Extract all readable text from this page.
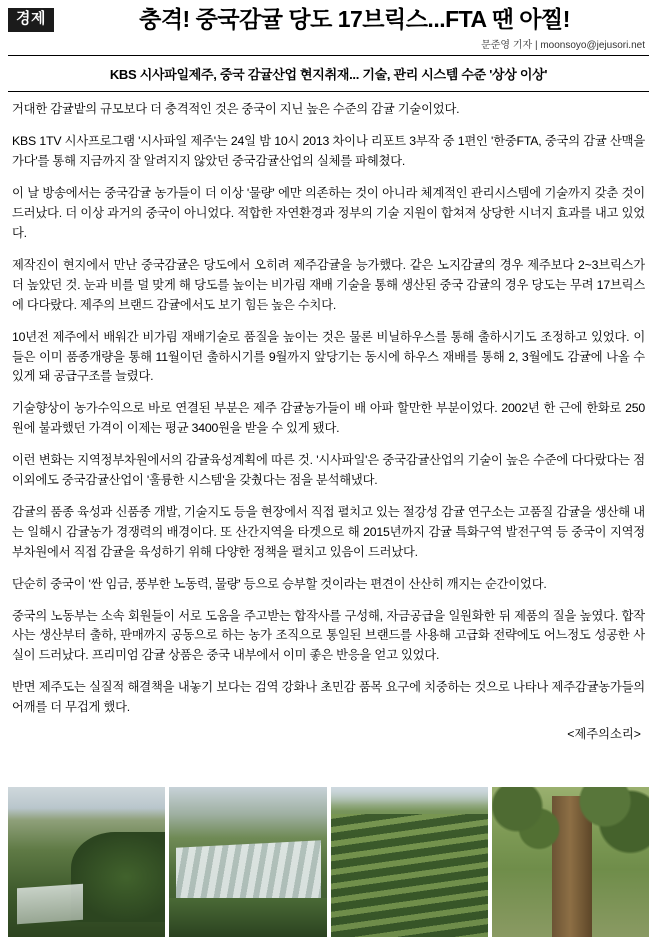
경제	충격! 중국감귤 당도 17브릭스...FTA 땐 아찔!
문준영 기자 | moonsoyo@jejusori.net
KBS 시사파일제주, 중국 감귤산업 현지취재... 기술, 관리 시스템 수준 '상상 이상'

거대한 감귤밭의 규모보다 더 충격적인 것은 중국이 지닌 높은 수준의 감귤 기술이었다.

KBS 1TV 시사프로그램 '시사파일 제주'는 24일 밤 10시 2013 차이나 리포트 3부작 중 1편인 '한중FTA, 중국의 감귤 산맥을 가다'를 통해 지금까지 잘 알려지지 않았던 중국감귤산업의 실체를 파헤쳤다.

이 날 방송에서는 중국감귤 농가들이 더 이상 '물량' 에만 의존하는 것이 아니라 체계적인 관리시스템에 기술까지 갖춘 것이 드러났다. 더 이상 과거의 중국이 아니었다. 적합한 자연환경과 정부의 기술 지원이 합쳐져 상당한 시너지 효과를 내고 있었다.

제작진이 현지에서 만난 중국감귤은 당도에서 오히려 제주감귤을 능가했다. 같은 노지감귤의 경우 제주보다 2~3브릭스가 더 높았던 것. 눈과 비를 덜 맞게 해 당도를 높이는 비가림 재배 기술을 통해 생산된 중국 감귤의 경우 당도는 무려 17브릭스에 다다랐다. 제주의 브랜드 감귤에서도 보기 힘든 높은 수치다.

10년전 제주에서 배워간 비가림 재배기술로 품질을 높이는 것은 물론 비닐하우스를 통해 출하시기도 조정하고 있었다. 이들은 이미 품종개량을 통해 11월이던 출하시기를 9월까지 앞당기는 동시에 하우스 재배를 통해 2, 3월에도 감귤에 나올 수 있게 돼 공급구조를 늘렸다.

기술향상이 농가수익으로 바로 연결된 부분은 제주 감귤농가들이 배 아파 할만한 부분이었다. 2002년 한 근에 한화로 250원에 불과했던 가격이 이제는 평균 3400원을 받을 수 있게 됐다.

이런 변화는 지역정부차원에서의 감귤육성계획에 따른 것. '시사파일'은 중국감귤산업의 기술이 높은 수준에 다다랐다는 점 이외에도 중국감귤산업이 '훌륭한 시스템'을 갖췄다는 점을 분석해냈다.

감귤의 품종 육성과 신품종 개발, 기술지도 등을 현장에서 직접 펼치고 있는 절강성 감귤 연구소는 고품질 감귤을 생산해 내는 일해시 감귤농가 경쟁력의 배경이다. 또 산간지역을 타겟으로 해 2015년까지 감귤 특화구역 발전구역 등 중국이 지역정부차원에서 직접 감귤을 육성하기 위해 다양한 정책을 펼치고 있음이 드러났다.

단순히 중국이 '싼 임금, 풍부한 노동력, 물량' 등으로 승부할 것이라는 편견이 산산히 깨지는 순간이었다.

중국의 노동부는 소속 회원들이 서로 도움을 주고받는 합작사를 구성해, 자금공급을 일원화한 뒤 제품의 질을 높였다. 합작사는 생산부터 출하, 판매까지 공동으로 하는 농가 조직으로 통일된 브랜드를 사용해 고급화 전략에도 어느정도 성공한 사실이 드러났다. 프리미엄 감귤 상품은 중국 내부에서 이미 좋은 반응을 얻고 있었다.

반면 제주도는 실질적 해결책을 내놓기 보다는 검역 강화나 초민감 품목 요구에 치중하는 것으로 나타나 제주감귤농가들의 어깨를 더 무겁게 했다.

<제주의소리>
